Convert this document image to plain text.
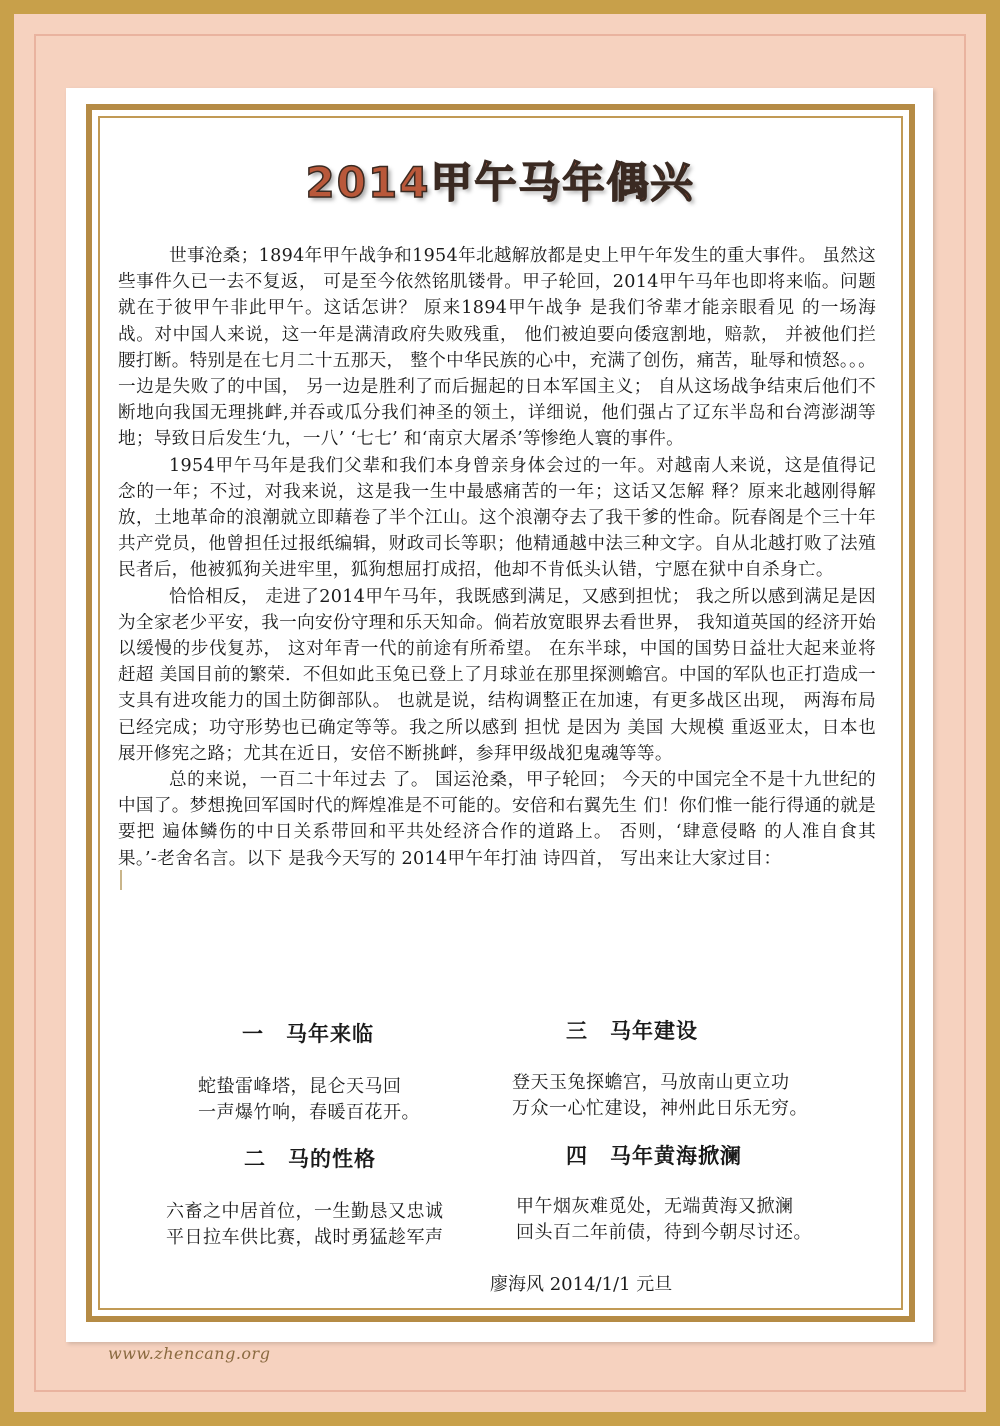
2014甲午马年偶兴

世事沧桑；1894年甲午战争和1954年北越解放都是史上甲午年发生的重大事件。 虽然这些事件久已一去不复返， 可是至今依然铭肌镂骨。甲子轮回，2014甲午马年也即将来临。问题就在于彼甲午非此甲午。这话怎讲？ 原来1894甲午战争 是我们爷辈才能亲眼看见 的一场海战。对中国人来说，这一年是满清政府失败残重， 他们被迫要向倭寇割地，赔款， 并被他们拦腰打断。特别是在七月二十五那天， 整个中华民族的心中，充满了创伤，痛苦，耻辱和愤怒。。。一边是失败了的中国， 另一边是胜利了而后掘起的日本军国主义； 自从这场战争结束后他们不断地向我国无理挑衅,并吞或瓜分我们神圣的领土，详细说，他们强占了辽东半岛和台湾澎湖等地；导致日后发生‘九，一八’ ‘七七’ 和‘南京大屠杀’等惨绝人寰的事件。

1954甲午马年是我们父辈和我们本身曾亲身体会过的一年。对越南人来说，这是值得记念的一年；不过，对我来说，这是我一生中最感痛苦的一年；这话又怎解 释？原来北越刚得解放，土地革命的浪潮就立即藉卷了半个江山。这个浪潮夺去了我干爹的性命。阮春阁是个三十年共产党员，他曾担任过报纸编辑，财政司长等职；他精通越中法三种文字。自从北越打败了法殖民者后，他被狐狗关进牢里，狐狗想屈打成招，他却不肯低头认错，宁愿在狱中自杀身亡。

恰恰相反， 走进了2014甲午马年，我既感到满足，又感到担忧； 我之所以感到满足是因为全家老少平安，我一向安份守理和乐天知命。倘若放宽眼界去看世界， 我知道英国的经济开始以缓慢的步伐复苏， 这对年青一代的前途有所希望。 在东半球，中国的国势日益壮大起来並将赶超 美国目前的繁荣．不但如此玉兔已登上了月球並在那里探测蟾宫。中国的军队也正打造成一支具有进攻能力的国土防御部队。 也就是说，结构调整正在加速，有更多战区出现， 两海布局已经完成；功守形势也已确定等等。我之所以感到 担忧 是因为 美国 大规模 重返亚太，日本也展开修宪之路；尤其在近日，安倍不断挑衅，参拜甲级战犯鬼魂等等。

总的来说，一百二十年过去 了。 国运沧桑，甲子轮回； 今天的中国完全不是十九世纪的中国了。梦想挽回军国时代的辉煌准是不可能的。安倍和右翼先生 们！你们惟一能行得通的就是要把 遍体鳞伤的中日关系带回和平共处经济合作的道路上。 否则，‘肆意侵略 的人准自食其果。’-老舍名言。以下 是我今天写的 2014甲午年打油 诗四首， 写出来让大家过目：

一　马年来临
蛇蛰雷峰塔，昆仑天马回
一声爆竹响，春暖百花开。
三　马年建设
登天玉兔探蟾宫，马放南山更立功
万众一心忙建设，神州此日乐无穷。
二　马的性格
六畜之中居首位，一生勤恳又忠诚
平日拉车供比赛，战时勇猛趁军声
四　马年黄海掀澜
甲午烟灰难觅处，无端黄海又掀澜
回头百二年前债，待到今朝尽讨还。
廖海风 2014/1/1 元旦
www.zhencang.org
